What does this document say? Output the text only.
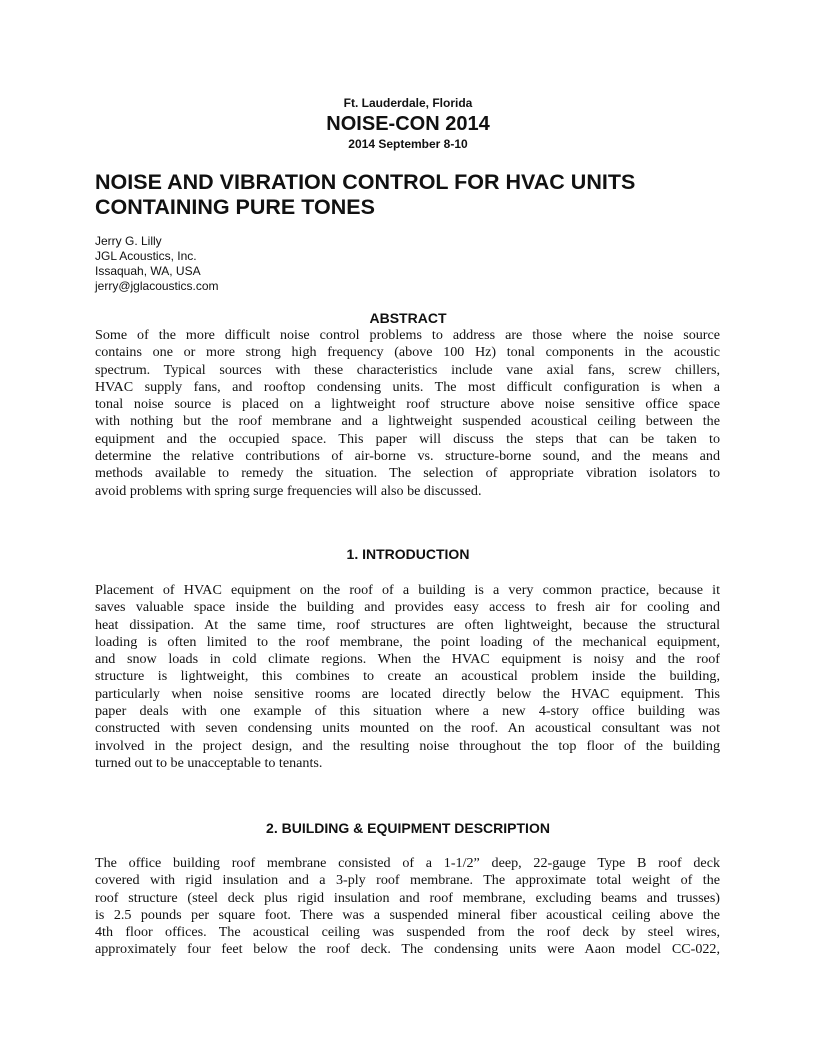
Ft. Lauderdale, Florida
NOISE-CON 2014
2014 September 8-10
NOISE AND VIBRATION CONTROL FOR HVAC UNITS
CONTAINING PURE TONES
Jerry G. Lilly
JGL Acoustics, Inc.
Issaquah, WA, USA
jerry@jglacoustics.com
ABSTRACT

Some of the more difficult noise control problems to address are those where the noise source
contains one or more strong high frequency (above 100 Hz) tonal components in the acoustic
spectrum. Typical sources with these characteristics include vane axial fans, screw chillers,
HVAC supply fans, and rooftop condensing units. The most difficult configuration is when a
tonal noise source is placed on a lightweight roof structure above noise sensitive office space
with nothing but the roof membrane and a lightweight suspended acoustical ceiling between the
equipment and the occupied space. This paper will discuss the steps that can be taken to
determine the relative contributions of air-borne vs. structure-borne sound, and the means and
methods available to remedy the situation. The selection of appropriate vibration isolators to
avoid problems with spring surge frequencies will also be discussed.

1. INTRODUCTION

Placement of HVAC equipment on the roof of a building is a very common practice, because it
saves valuable space inside the building and provides easy access to fresh air for cooling and
heat dissipation. At the same time, roof structures are often lightweight, because the structural
loading is often limited to the roof membrane, the point loading of the mechanical equipment,
and snow loads in cold climate regions. When the HVAC equipment is noisy and the roof
structure is lightweight, this combines to create an acoustical problem inside the building,
particularly when noise sensitive rooms are located directly below the HVAC equipment. This
paper deals with one example of this situation where a new 4-story office building was
constructed with seven condensing units mounted on the roof. An acoustical consultant was not
involved in the project design, and the resulting noise throughout the top floor of the building
turned out to be unacceptable to tenants.

2. BUILDING & EQUIPMENT DESCRIPTION

The office building roof membrane consisted of a 1-1/2” deep, 22-gauge Type B roof deck
covered with rigid insulation and a 3-ply roof membrane. The approximate total weight of the
roof structure (steel deck plus rigid insulation and roof membrane, excluding beams and trusses)
is 2.5 pounds per square foot. There was a suspended mineral fiber acoustical ceiling above the
4th floor offices. The acoustical ceiling was suspended from the roof deck by steel wires,
approximately four feet below the roof deck. The condensing units were Aaon model CC-022,
